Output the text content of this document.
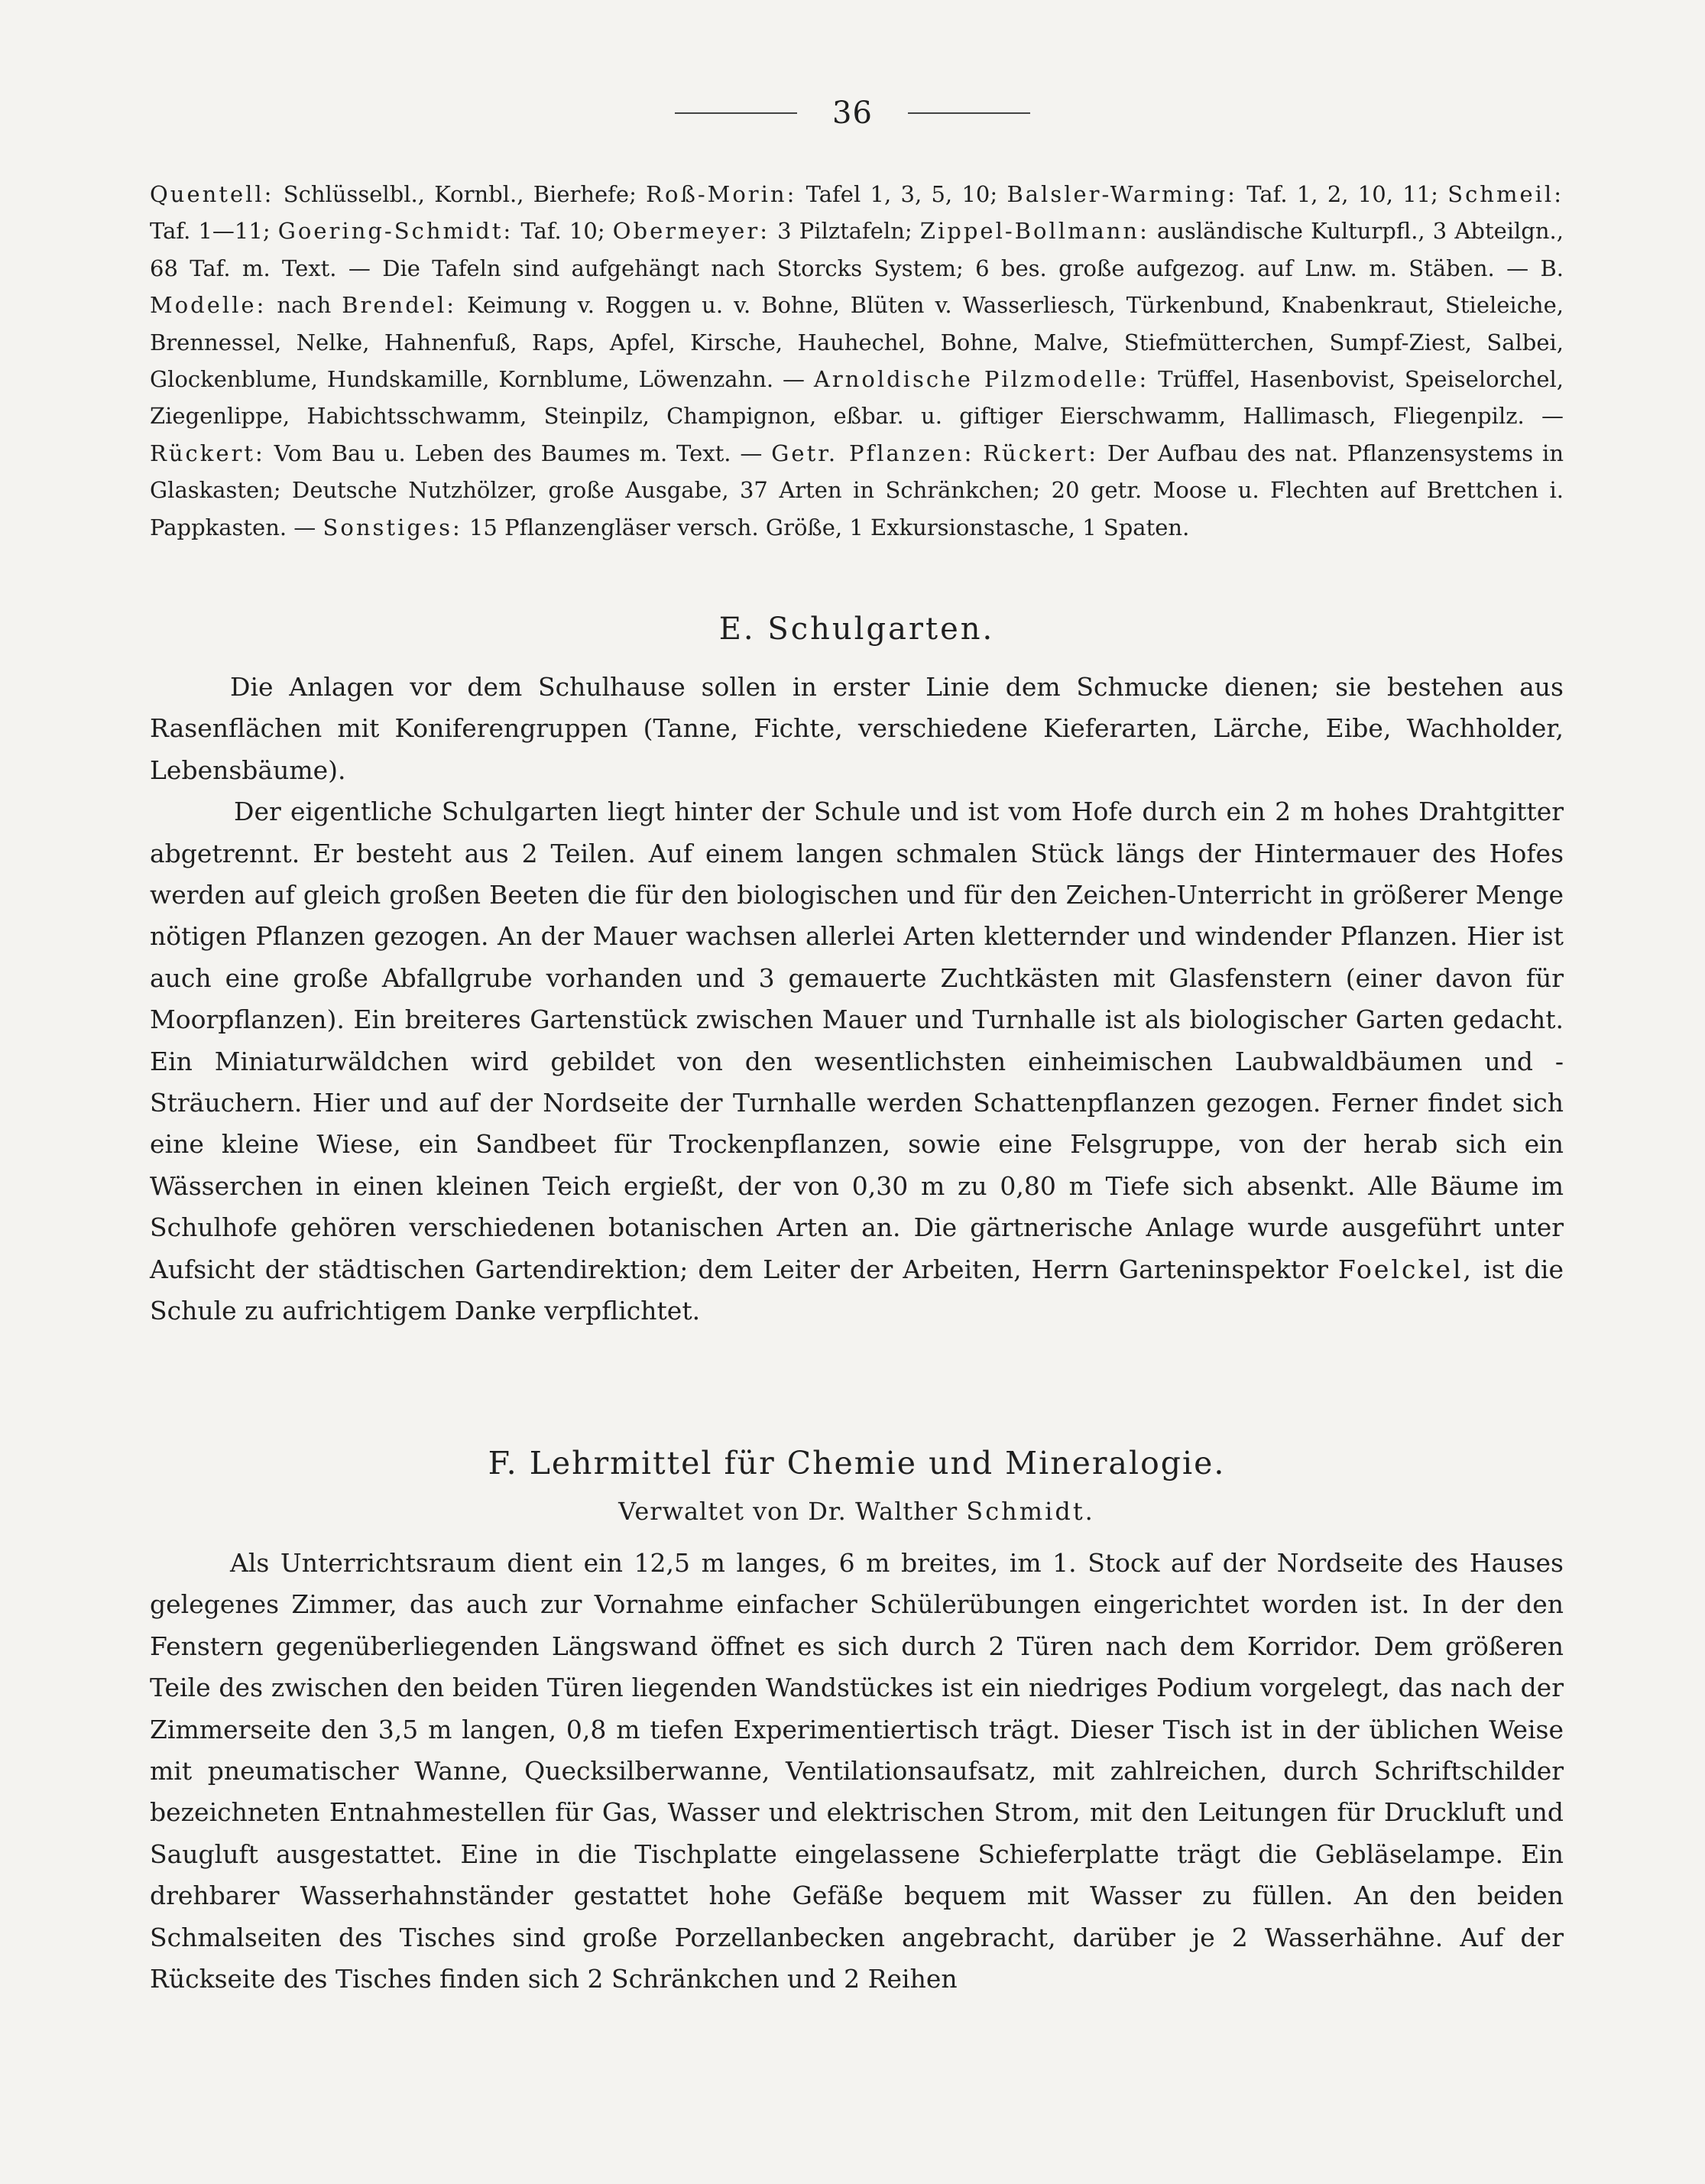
36
Quentell: Schlüsselbl., Kornbl., Bierhefe; Roß-Morin: Tafel 1, 3, 5, 10; Balsler-Warming: Taf. 1, 2, 10, 11; Schmeil: Taf. 1—11; Goering-Schmidt: Taf. 10; Obermeyer: 3 Pilztafeln; Zippel-Bollmann: ausländische Kulturpfl., 3 Abteilgn., 68 Taf. m. Text. — Die Tafeln sind aufgehängt nach Storcks System; 6 bes. große aufgezog. auf Lnw. m. Stäben. — B. Modelle: nach Brendel: Keimung v. Roggen u. v. Bohne, Blüten v. Wasserliesch, Türkenbund, Knabenkraut, Stieleiche, Brennessel, Nelke, Hahnenfuß, Raps, Apfel, Kirsche, Hauhechel, Bohne, Malve, Stiefmütterchen, Sumpf-Ziest, Salbei, Glockenblume, Hundskamille, Kornblume, Löwenzahn. — Arnoldische Pilzmodelle: Trüffel, Hasenbovist, Speiselorchel, Ziegenlippe, Habichtsschwamm, Steinpilz, Champignon, eßbar. u. giftiger Eierschwamm, Hallimasch, Fliegenpilz. — Rückert: Vom Bau u. Leben des Baumes m. Text. — Getr. Pflanzen: Rückert: Der Aufbau des nat. Pflanzensystems in Glaskasten; Deutsche Nutzhölzer, große Ausgabe, 37 Arten in Schränkchen; 20 getr. Moose u. Flechten auf Brettchen i. Pappkasten. — Sonstiges: 15 Pflanzengläser versch. Größe, 1 Exkursionstasche, 1 Spaten.
E. Schulgarten.

Die Anlagen vor dem Schulhause sollen in erster Linie dem Schmucke dienen; sie bestehen aus Rasenflächen mit Koniferengruppen (Tanne, Fichte, verschiedene Kieferarten, Lärche, Eibe, Wachholder, Lebensbäume).

Der eigentliche Schulgarten liegt hinter der Schule und ist vom Hofe durch ein 2 m hohes Drahtgitter abgetrennt. Er besteht aus 2 Teilen. Auf einem langen schmalen Stück längs der Hintermauer des Hofes werden auf gleich großen Beeten die für den biologischen und für den Zeichen-Unterricht in größerer Menge nötigen Pflanzen gezogen. An der Mauer wachsen allerlei Arten kletternder und windender Pflanzen. Hier ist auch eine große Abfallgrube vorhanden und 3 gemauerte Zuchtkästen mit Glasfenstern (einer davon für Moorpflanzen). Ein breiteres Gartenstück zwischen Mauer und Turnhalle ist als biologischer Garten gedacht. Ein Miniaturwäldchen wird gebildet von den wesentlichsten einheimischen Laubwaldbäumen und -Sträuchern. Hier und auf der Nordseite der Turnhalle werden Schattenpflanzen gezogen. Ferner findet sich eine kleine Wiese, ein Sandbeet für Trockenpflanzen, sowie eine Felsgruppe, von der herab sich ein Wässerchen in einen kleinen Teich ergießt, der von 0,30 m zu 0,80 m Tiefe sich absenkt. Alle Bäume im Schulhofe gehören verschiedenen botanischen Arten an. Die gärtnerische Anlage wurde ausgeführt unter Aufsicht der städtischen Gartendirektion; dem Leiter der Arbeiten, Herrn Garteninspektor Foelckel, ist die Schule zu aufrichtigem Danke verpflichtet.

F. Lehrmittel für Chemie und Mineralogie.
Verwaltet von Dr. Walther Schmidt.

Als Unterrichtsraum dient ein 12,5 m langes, 6 m breites, im 1. Stock auf der Nordseite des Hauses gelegenes Zimmer, das auch zur Vornahme einfacher Schülerübungen eingerichtet worden ist. In der den Fenstern gegenüberliegenden Längswand öffnet es sich durch 2 Türen nach dem Korridor. Dem größeren Teile des zwischen den beiden Türen liegenden Wandstückes ist ein niedriges Podium vorgelegt, das nach der Zimmerseite den 3,5 m langen, 0,8 m tiefen Experimentiertisch trägt. Dieser Tisch ist in der üblichen Weise mit pneumatischer Wanne, Quecksilberwanne, Ventilationsaufsatz, mit zahlreichen, durch Schriftschilder bezeichneten Entnahmestellen für Gas, Wasser und elektrischen Strom, mit den Leitungen für Druckluft und Saugluft ausgestattet. Eine in die Tischplatte eingelassene Schieferplatte trägt die Gebläselampe. Ein drehbarer Wasserhahnständer gestattet hohe Gefäße bequem mit Wasser zu füllen. An den beiden Schmalseiten des Tisches sind große Porzellanbecken angebracht, darüber je 2 Wasserhähne. Auf der Rückseite des Tisches finden sich 2 Schränkchen und 2 Reihen
